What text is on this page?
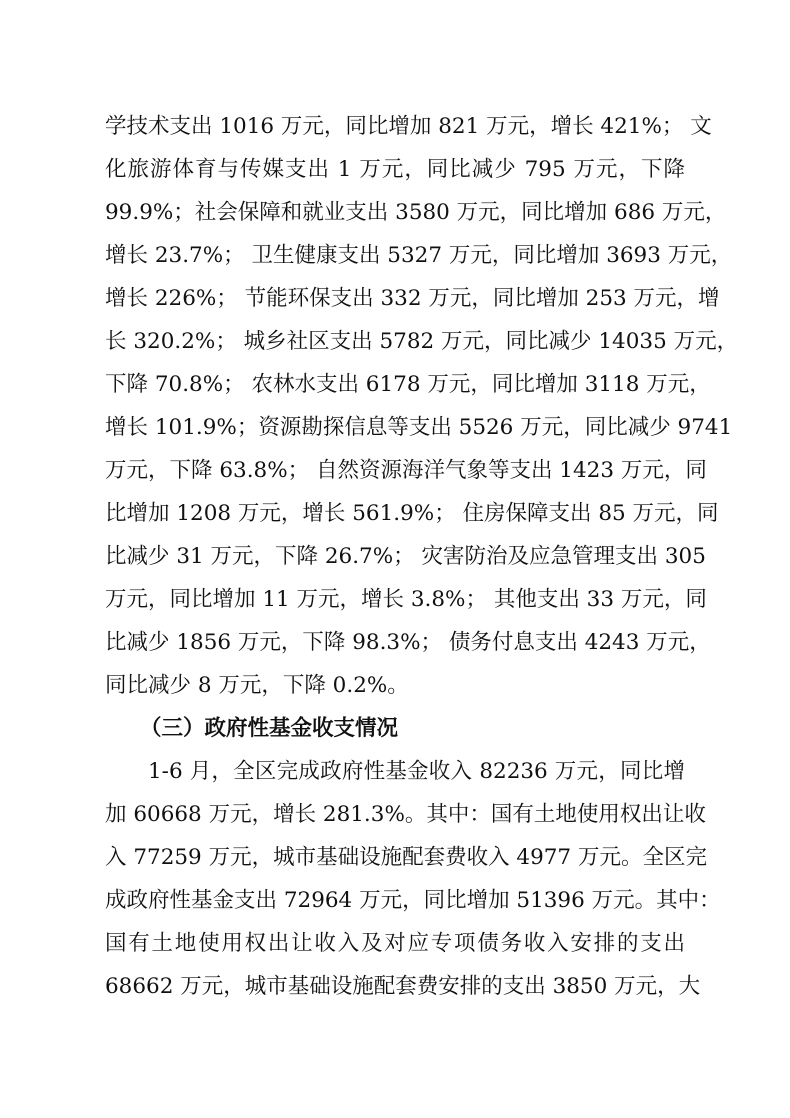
学技术支出 1016 万元，同比增加 821 万元，增长 421%； 文
化旅游体育与传媒支出 1 万元，同比减少 795 万元，下降
99.9%；社会保障和就业支出 3580 万元，同比增加 686 万元，
增长 23.7%； 卫生健康支出 5327 万元，同比增加 3693 万元，
增长 226%； 节能环保支出 332 万元，同比增加 253 万元，增
长 320.2%； 城乡社区支出 5782 万元，同比减少 14035 万元，
下降 70.8%； 农林水支出 6178 万元，同比增加 3118 万元，
增长 101.9%；资源勘探信息等支出 5526 万元，同比减少 9741
万元，下降 63.8%； 自然资源海洋气象等支出 1423 万元，同
比增加 1208 万元，增长 561.9%； 住房保障支出 85 万元，同
比减少 31 万元，下降 26.7%； 灾害防治及应急管理支出 305
万元，同比增加 11 万元，增长 3.8%； 其他支出 33 万元，同
比减少 1856 万元，下降 98.3%； 债务付息支出 4243 万元，
同比减少 8 万元，下降 0.2%。
（三）政府性基金收支情况
1-6 月，全区完成政府性基金收入 82236 万元，同比增
加 60668 万元，增长 281.3%。其中：国有土地使用权出让收
入 77259 万元，城市基础设施配套费收入 4977 万元。全区完
成政府性基金支出 72964 万元，同比增加 51396 万元。其中：
国有土地使用权出让收入及对应专项债务收入安排的支出
68662 万元，城市基础设施配套费安排的支出 3850 万元，大
